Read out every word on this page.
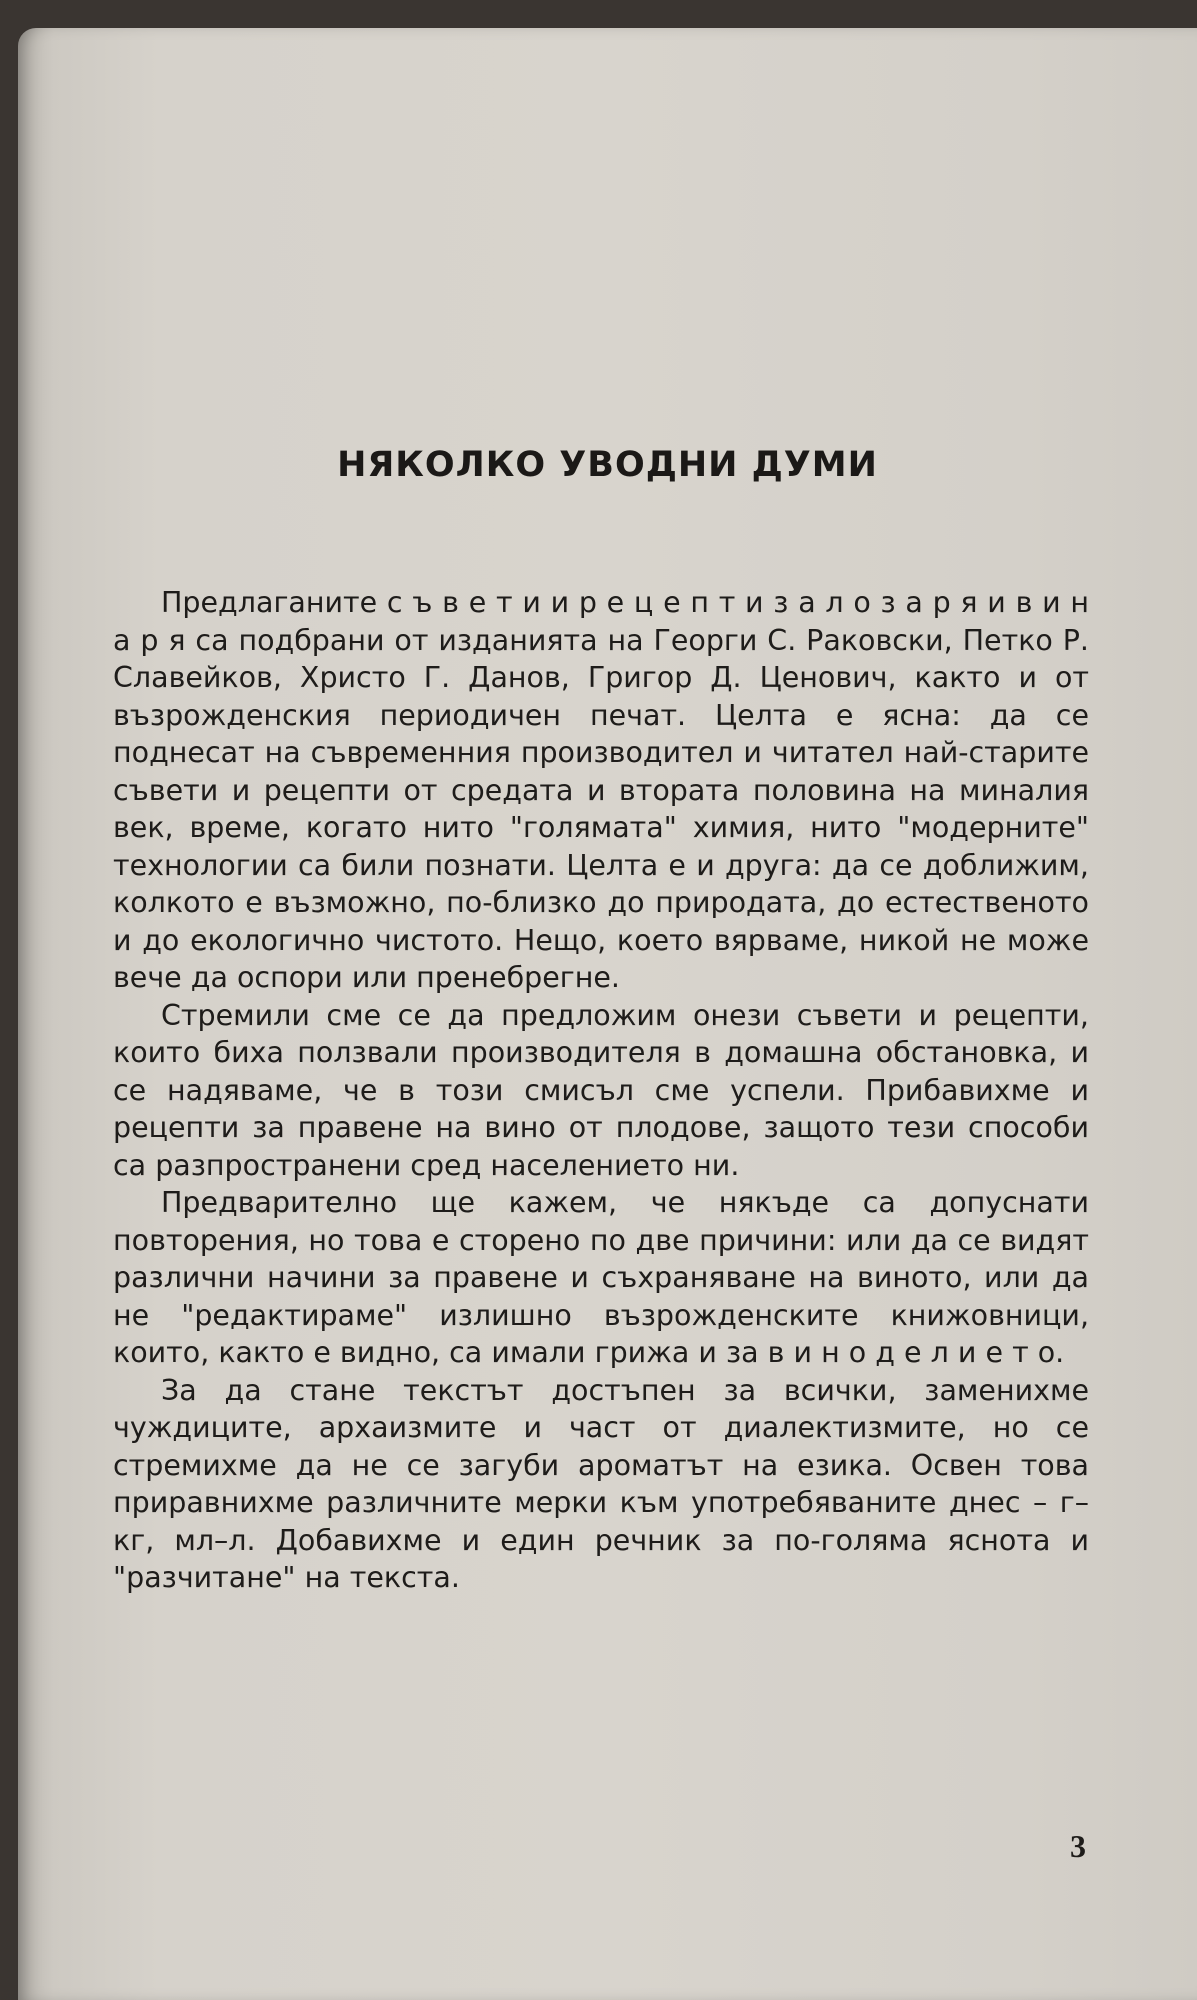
НЯКОЛКО УВОДНИ ДУМИ

Предлаганите с ъ в е т и и р е ц е п т и з а л о з а р я и в и н а р я са подбрани от изданията на Георги С. Раковски, Петко Р. Славейков, Христо Г. Данов, Григор Д. Ценович, както и от възрожденския периодичен печат. Целта е ясна: да се поднесат на съвременния производител и читател най-старите съвети и рецепти от средата и втората половина на миналия век, време, когато нито "голямата" химия, нито "модерните" технологии са били познати. Целта е и друга: да се доближим, колкото е възможно, по-близко до природата, до естественото и до екологично чистото. Нещо, което вярваме, никой не може вече да оспори или пренебрегне.

Стремили сме се да предложим онези съвети и рецепти, които биха ползвали производителя в домашна обстановка, и се надяваме, че в този смисъл сме успели. Прибавихме и рецепти за правене на вино от плодове, защото тези способи са разпространени сред населението ни.

Предварително ще кажем, че някъде са допуснати повторения, но това е сторено по две причини: или да се видят различни начини за правене и съхраняване на виното, или да не "редактираме" излишно възрожденските книжовници, които, както е видно, са имали грижа и за в и н о д е л и е т о.

За да стане текстът достъпен за всички, заменихме чуждиците, архаизмите и част от диалектизмите, но се стремихме да не се загуби ароматът на езика. Освен това приравнихме различните мерки към употребяваните днес – г–кг, мл–л. Добавихме и един речник за по-голяма яснота и "разчитане" на текста.

3
